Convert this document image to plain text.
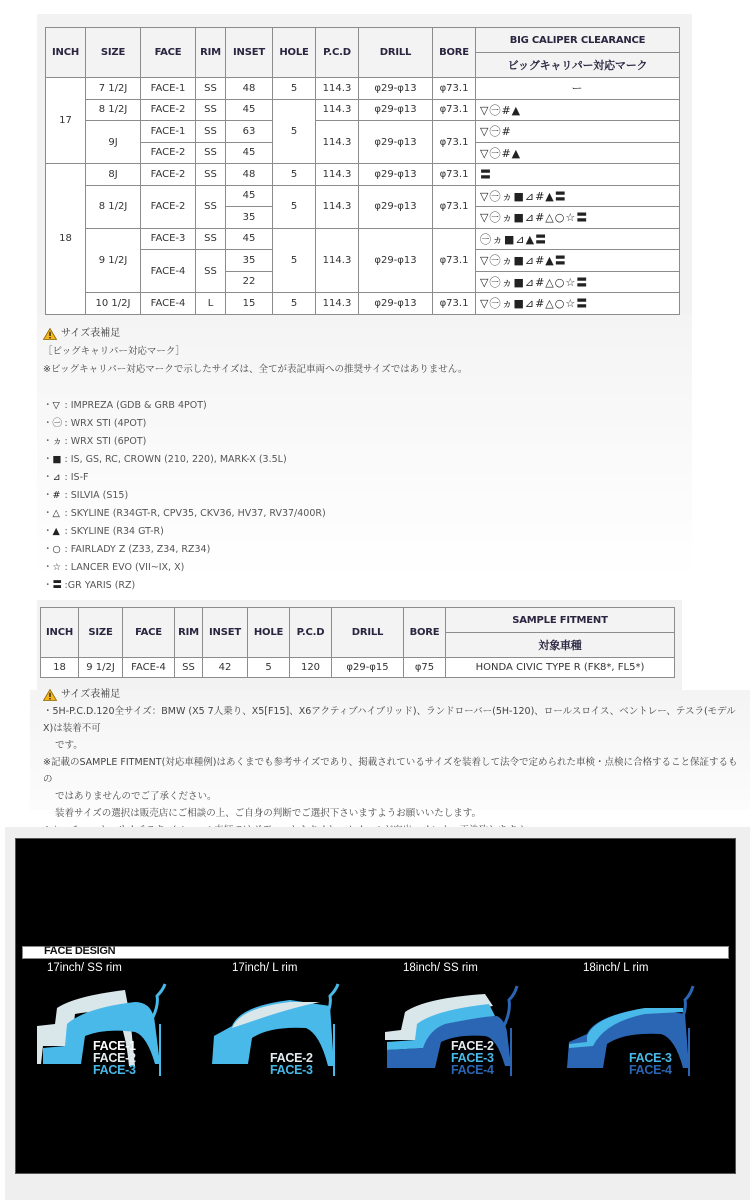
INCH	SIZE	FACE	RIM	INSET	HOLE	P.C.D	DRILL	BORE	BIG CALIPER CLEARANCE
									ビッグキャリパー対応マーク
17	7 1/2J	FACE-1	SS	48	5	114.3	φ29-φ13	φ73.1	ー
	8 1/2J	FACE-2	SS	45	5	114.3	φ29-φ13	φ73.1	▽㊀#▲
	9J	FACE-1	SS	63		114.3	φ29-φ13	φ73.1	▽㊀#
		FACE-2	SS	45					▽㊀#▲
18	8J	FACE-2	SS	48	5	114.3	φ29-φ13	φ73.1	〓
	8 1/2J	FACE-2	SS	45	5	114.3	φ29-φ13	φ73.1	▽㊀ヵ■⊿#▲〓
				35					▽㊀ヵ■⊿#△○☆〓
	9 1/2J	FACE-3	SS	45	5	114.3	φ29-φ13	φ73.1	㊀ヵ■⊿▲〓
		FACE-4	SS	35					▽㊀ヵ■⊿#▲〓
				22					▽㊀ヵ■⊿#△○☆〓
	10 1/2J	FACE-4	L	15	5	114.3	φ29-φ13	φ73.1	▽㊀ヵ■⊿#△○☆〓
サイズ表補足
［ビッグキャリパー対応マーク］
※ビッグキャリパー対応マークで示したサイズは、全てが表記車両への推奨サイズではありません。
・▽ : IMPREZA (GDB & GRB 4POT)
・㊀ : WRX STI (4POT)
・ヵ : WRX STI (6POT)
・■ : IS, GS, RC, CROWN (210, 220), MARK-X (3.5L)
・⊿ : IS-F
・# : SILVIA (S15)
・△ : SKYLINE (R34GT-R, CPV35, CKV36, HV37, RV37/400R)
・▲ : SKYLINE (R34 GT-R)
・○ : FAIRLADY Z (Z33, Z34, RZ34)
・☆ : LANCER EVO (VII~IX, X)
・〓 :GR YARIS (RZ)
INCH	SIZE	FACE	RIM	INSET	HOLE	P.C.D	DRILL	BORE	SAMPLE FITMENT
									対象車種
18	9 1/2J	FACE-4	SS	42	5	120	φ29-φ15	φ75	HONDA CIVIC TYPE R (FK8*, FL5*)
サイズ表補足
・5H-P.C.D.120全サイズ：BMW (X5 7人乗り、X5[F15]、X6アクティブハイブリッド)、ランドローバー(5H-120)、ロールスロイス、ベントレー、テスラ(モデルX)は装着不可
です。
※記載のSAMPLE FITMENT(対応車種例)はあくまでも参考サイズであり、掲載されているサイズを装着して法令で定められた車検・点検に合格すること保証するもの
ではありませんのでご了承ください。
装着サイズの選択は販売店にご相談の上、ご自身の判断でご選択下さいますようお願いいたします。
FACE DESIGN
17inch/ SS rim
FACE-1
FACE-2
FACE-3
17inch/ L rim
FACE-2
FACE-3
18inch/ SS rim
FACE-2
FACE-3
FACE-4
18inch/ L rim
FACE-3
FACE-4
